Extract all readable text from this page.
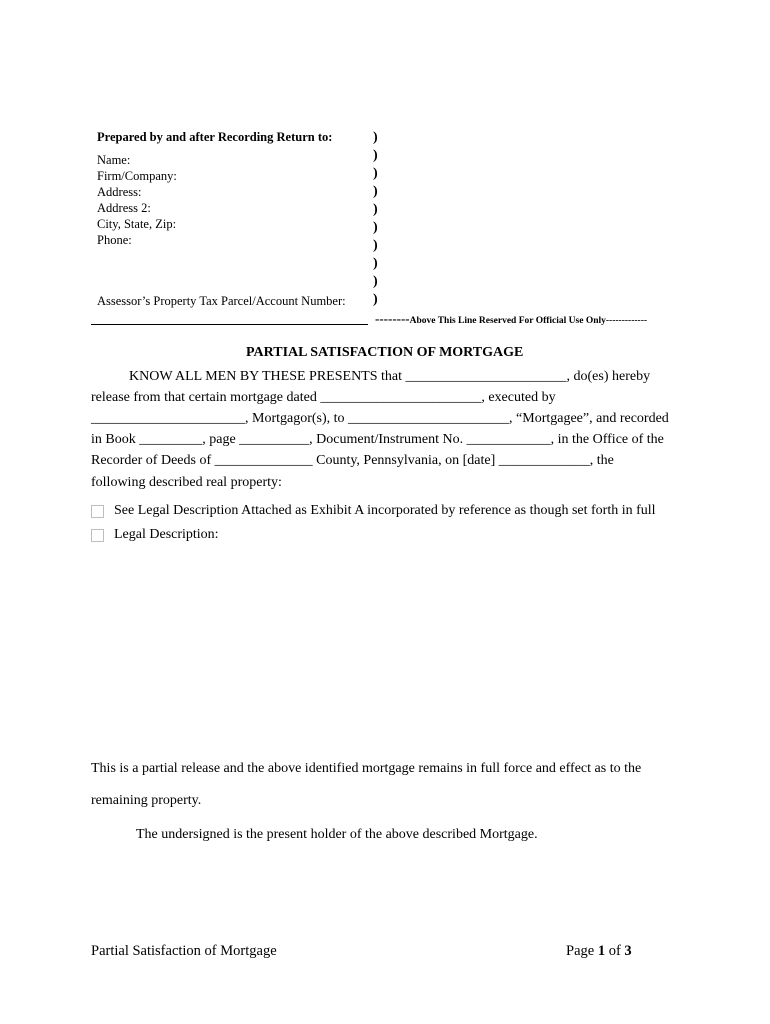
Prepared by and after Recording Return to:
Name:
Firm/Company:
Address:
Address 2:
City, State, Zip:
Phone:
Assessor’s Property Tax Parcel/Account Number:
)
)
)
)
)
)
)
)
)
)
--------Above This Line Reserved For Official Use Only-------------
PARTIAL SATISFACTION OF MORTGAGE
KNOW ALL MEN BY THESE PRESENTS that _______________________, do(es) hereby
release from that certain mortgage dated _______________________, executed by
______________________, Mortgagor(s), to _______________________, “Mortgagee”, and recorded
in Book _________, page __________, Document/Instrument No. ____________, in the Office of the
Recorder of Deeds of ______________ County, Pennsylvania, on [date] _____________, the
following described real property:
See Legal Description Attached as Exhibit A incorporated by reference as though set forth in full
Legal Description:
This is a partial release and the above identified mortgage remains in full force and effect as to the
remaining property.
The undersigned is the present holder of the above described Mortgage.
Partial Satisfaction of Mortgage	Page 1 of 3
